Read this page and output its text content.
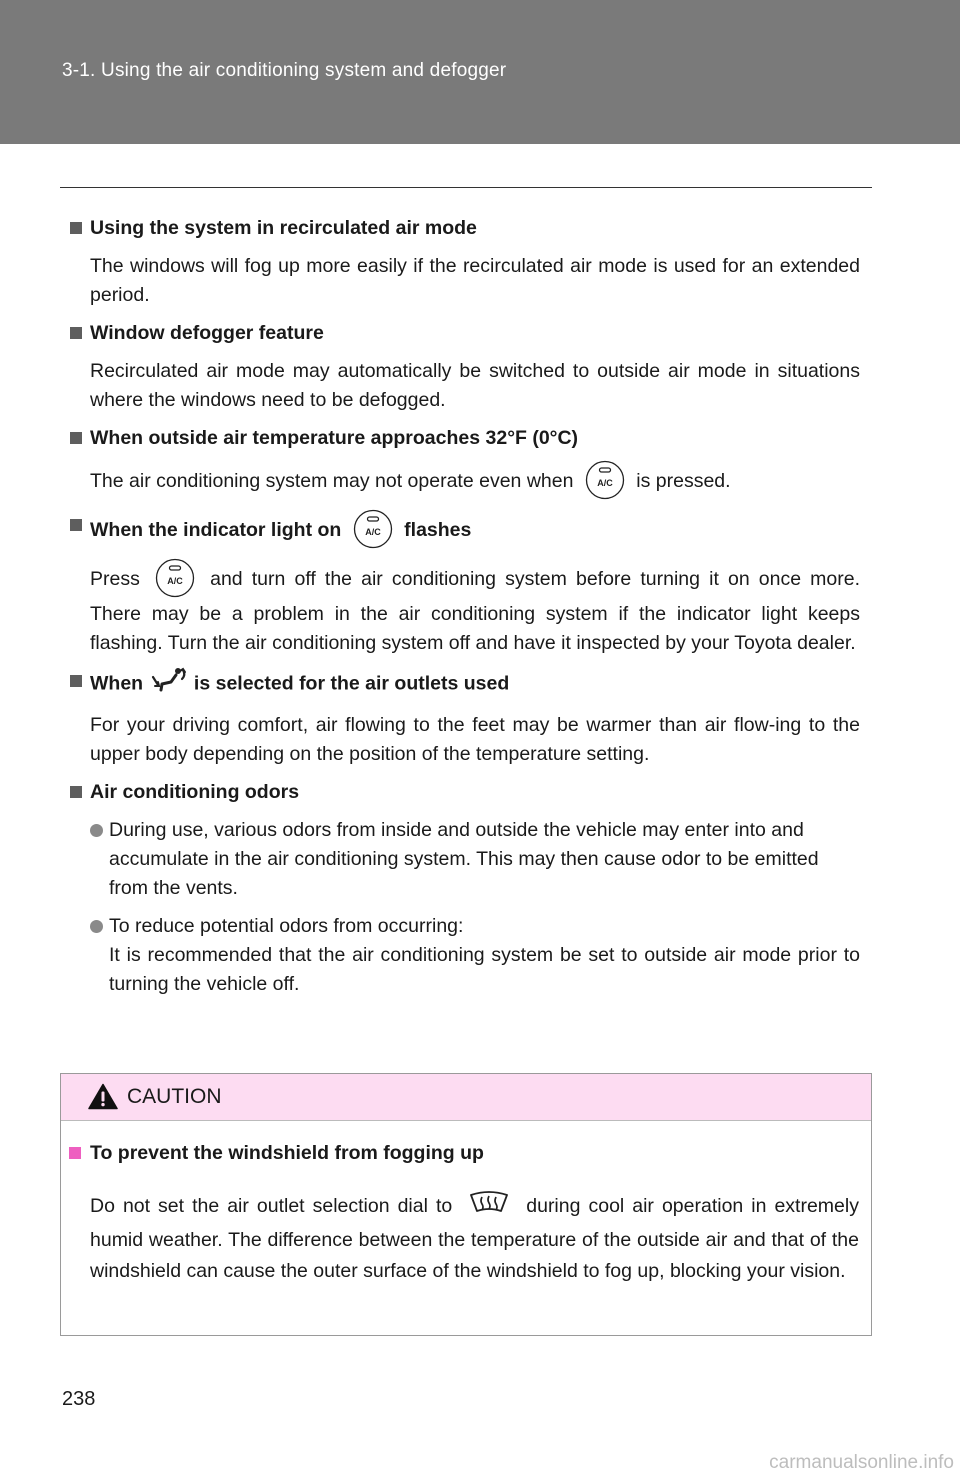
3-1. Using the air conditioning system and defogger
Using the system in recirculated air mode

The windows will fog up more easily if the recirculated air mode is used for an extended period.

Window defogger feature

Recirculated air mode may automatically be switched to outside air mode in situations where the windows need to be defogged.

When outside air temperature approaches 32°F (0°C)

The air conditioning system may not operate even when	A/C is pressed.

When the indicator light on	A/C flashes

Press	A/C and turn off the air conditioning system before turning it on once more. There may be a problem in the air conditioning system if the indicator light keeps flashing. Turn the air conditioning system off and have it inspected by your Toyota dealer.

When	is selected for the air outlets used

For your driving comfort, air flowing to the feet may be warmer than air flow-ing to the upper body depending on the position of the temperature setting.

Air conditioning odors
During use, various odors from inside and outside the vehicle may enter into and accumulate in the air conditioning system. This may then cause odor to be emitted from the vents.
To reduce potential odors from occurring:
It is recommended that the air conditioning system be set to outside air mode prior to turning the vehicle off.
CAUTION
To prevent the windshield from fogging up
Do not set the air outlet selection dial to	during cool air operation in extremely humid weather. The difference between the temperature of the outside air and that of the windshield can cause the outer surface of the windshield to fog up, blocking your vision.
238
carmanualsonline.info
